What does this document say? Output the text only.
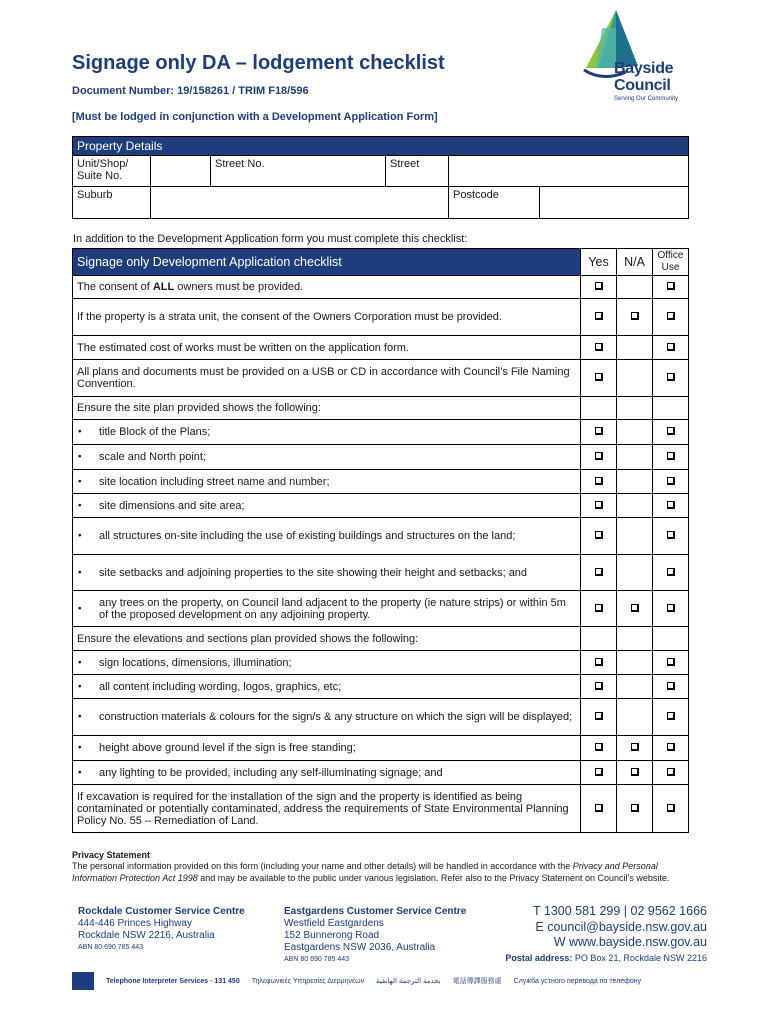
Signage only DA – lodgement checklist
Document Number: 19/158261 / TRIM F18/596
[Must be lodged in conjunction with a Development Application Form]
Bayside
Council
Serving Our Community
Property Details					
Unit/Shop/ Suite No.		Street No.	Street		
Suburb				Postcode	
In addition to the Development Application form you must complete this checklist:
Signage only Development Application checklist	Yes	N/A	Office Use
The consent of ALL owners must be provided.			
If the property is a strata unit, the consent of the Owners Corporation must be provided.			
The estimated cost of works must be written on the application form.			
All plans and documents must be provided on a USB or CD in accordance with Council’s File Naming Convention.			
Ensure the site plan provided shows the following:			

• title Block of the Plans;			

• scale and North point;			

• site location including street name and number;			

• site dimensions and site area;			

• all structures on-site including the use of existing buildings and structures on the land;			

• site setbacks and adjoining properties to the site showing their height and setbacks; and			

• any trees on the property, on Council land adjacent to the property (ie nature strips) or within 5m of the proposed development on any adjoining property.			
Ensure the elevations and sections plan provided shows the following:			

• sign locations, dimensions, illumination;			

• all content including wording, logos, graphics, etc;			

• construction materials & colours for the sign/s & any structure on which the sign will be displayed;			

• height above ground level if the sign is free standing;			

• any lighting to be provided, including any self-illuminating signage; and			
If excavation is required for the installation of the sign and the property is identified as being contaminated or potentially contaminated, address the requirements of State Environmental Planning Policy No. 55 – Remediation of Land.			
Privacy Statement
The personal information provided on this form (including your name and other details) will be handled in accordance with the Privacy and Personal Information Protection Act 1998 and may be available to the public under various legislation. Refer also to the Privacy Statement on Council’s website.
Rockdale Customer Service Centre
444-446 Princes Highway
Rockdale NSW 2216, Australia
ABN 80 690 785 443
Eastgardens Customer Service Centre
Westfield Eastgardens
152 Bunnerong Road
Eastgardens NSW 2036, Australia
ABN 80 690 785 443
T 1300 581 299 | 02 9562 1666
E council@bayside.nsw.gov.au
W www.bayside.nsw.gov.au
Postal address: PO Box 21, Rockdale NSW 2216
Telephone Interpreter Services - 131 450 Τηλεφωνικές Υπηρεσίες Διερμηνέων بخدمة الترجمة الهاتفية 電話傳譯服務處 Служба устного перевода по телефону
